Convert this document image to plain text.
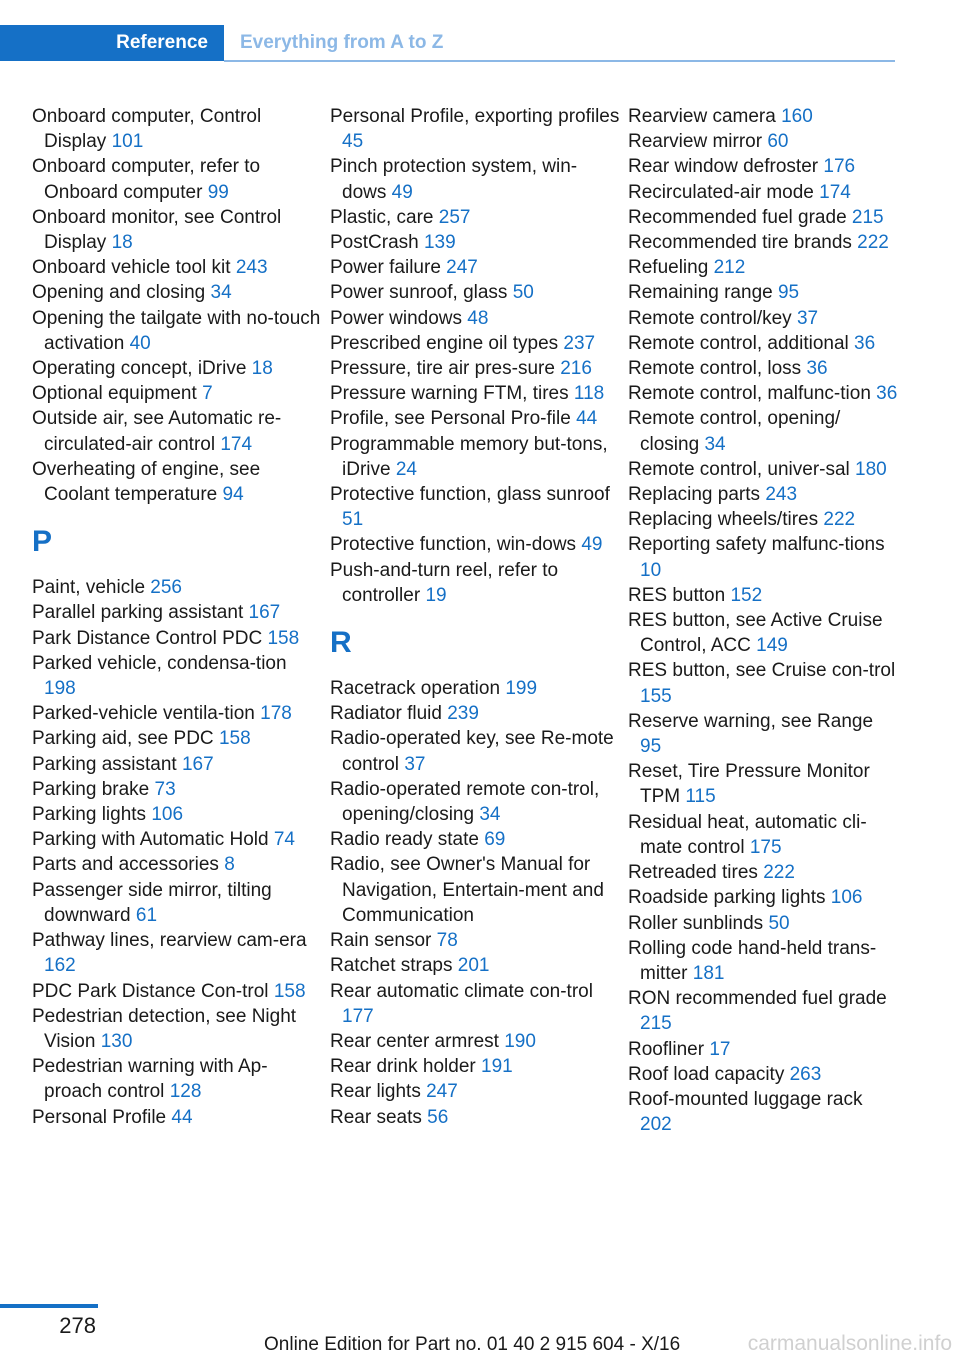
Reference	Everything from A to Z

Onboard computer, Control Display 101

Onboard computer, refer to Onboard computer 99

Onboard monitor, see Control Display 18

Onboard vehicle tool kit 243

Opening and closing 34

Opening the tailgate with no-touch activation 40

Operating concept, iDrive 18

Optional equipment 7

Outside air, see Automatic re-circulated-air control 174

Overheating of engine, see Coolant temperature 94

P

Paint, vehicle 256

Parallel parking assistant 167

Park Distance Control PDC 158

Parked vehicle, condensa-tion 198

Parked-vehicle ventila-tion 178

Parking aid, see PDC 158

Parking assistant 167

Parking brake 73

Parking lights 106

Parking with Automatic Hold 74

Parts and accessories 8

Passenger side mirror, tilting downward 61

Pathway lines, rearview cam-era 162

PDC Park Distance Con-trol 158

Pedestrian detection, see Night Vision 130

Pedestrian warning with Ap-proach control 128

Personal Profile 44

Personal Profile, exporting profiles 45

Pinch protection system, win-dows 49

Plastic, care 257

PostCrash 139

Power failure 247

Power sunroof, glass 50

Power windows 48

Prescribed engine oil types 237

Pressure, tire air pres-sure 216

Pressure warning FTM, tires 118

Profile, see Personal Pro-file 44

Programmable memory but-tons, iDrive 24

Protective function, glass sunroof 51

Protective function, win-dows 49

Push-and-turn reel, refer to controller 19

R

Racetrack operation 199

Radiator fluid 239

Radio-operated key, see Re-mote control 37

Radio-operated remote con-trol, opening/closing 34

Radio ready state 69

Radio, see Owner's Manual for Navigation, Entertain-ment and Communication

Rain sensor 78

Ratchet straps 201

Rear automatic climate con-trol 177

Rear center armrest 190

Rear drink holder 191

Rear lights 247

Rear seats 56

Rearview camera 160

Rearview mirror 60

Rear window defroster 176

Recirculated-air mode 174

Recommended fuel grade 215

Recommended tire brands 222

Refueling 212

Remaining range 95

Remote control/key 37

Remote control, additional 36

Remote control, loss 36

Remote control, malfunc-tion 36

Remote control, opening/ closing 34

Remote control, univer-sal 180

Replacing parts 243

Replacing wheels/tires 222

Reporting safety malfunc-tions 10

RES button 152

RES button, see Active Cruise Control, ACC 149

RES button, see Cruise con-trol 155

Reserve warning, see Range 95

Reset, Tire Pressure Monitor TPM 115

Residual heat, automatic cli-mate control 175

Retreaded tires 222

Roadside parking lights 106

Roller sunblinds 50

Rolling code hand-held trans-mitter 181

RON recommended fuel grade 215

Roofliner 17

Roof load capacity 263

Roof-mounted luggage rack 202

278
Online Edition for Part no. 01 40 2 915 604 - X/16	carmanualsonline.info
